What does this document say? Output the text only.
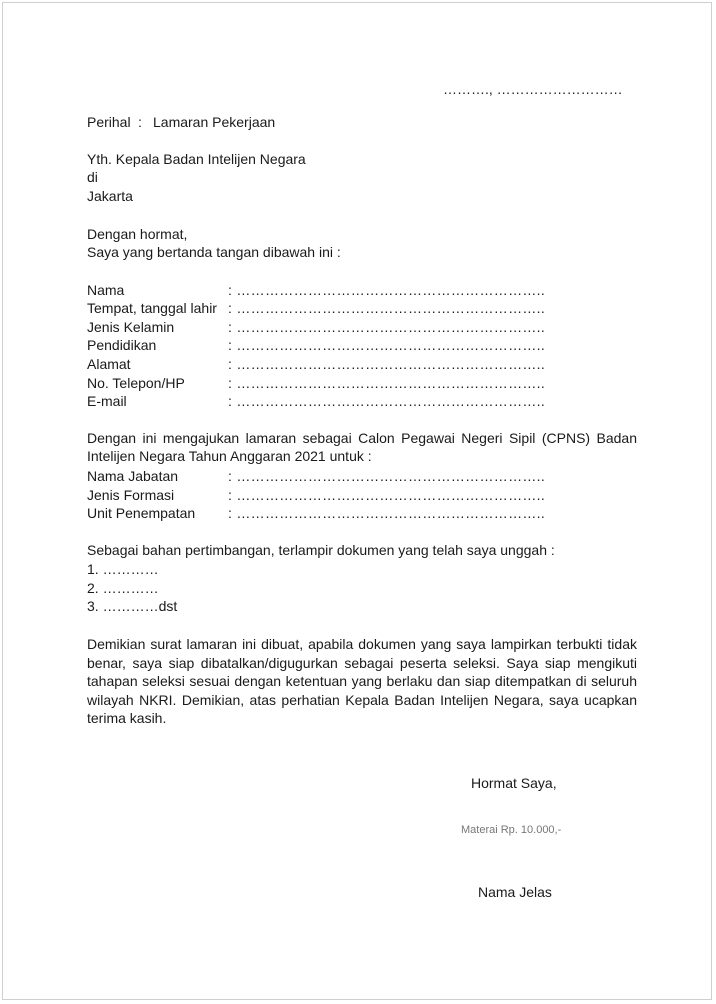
………., ………………………
Perihal : Lamaran Pekerjaan
Yth. Kepala Badan Intelijen Negara
di
Jakarta
Dengan hormat,
Saya yang bertanda tangan dibawah ini :
Nama	: ………………………………………………………..
Tempat, tanggal lahir : ………………………………………………………..
Jenis Kelamin	: ………………………………………………………..
Pendidikan	: ………………………………………………………..
Alamat	: ………………………………………………………..
No. Telepon/HP	: ………………………………………………………..
E-mail	: ………………………………………………………..
Dengan ini mengajukan lamaran sebagai Calon Pegawai Negeri Sipil (CPNS) Badan Intelijen Negara Tahun Anggaran 2021 untuk :
Nama Jabatan	: ………………………………………………………..
Jenis Formasi	: ………………………………………………………..
Unit Penempatan : ………………………………………………………..
Sebagai bahan pertimbangan, terlampir dokumen yang telah saya unggah :
1. …………
2. …………
3. …………dst
Demikian surat lamaran ini dibuat, apabila dokumen yang saya lampirkan terbukti tidak benar, saya siap dibatalkan/digugurkan sebagai peserta seleksi. Saya siap mengikuti tahapan seleksi sesuai dengan ketentuan yang berlaku dan siap ditempatkan di seluruh wilayah NKRI. Demikian, atas perhatian Kepala Badan Intelijen Negara, saya ucapkan terima kasih.
Hormat Saya,
Materai Rp. 10.000,-
Nama Jelas
